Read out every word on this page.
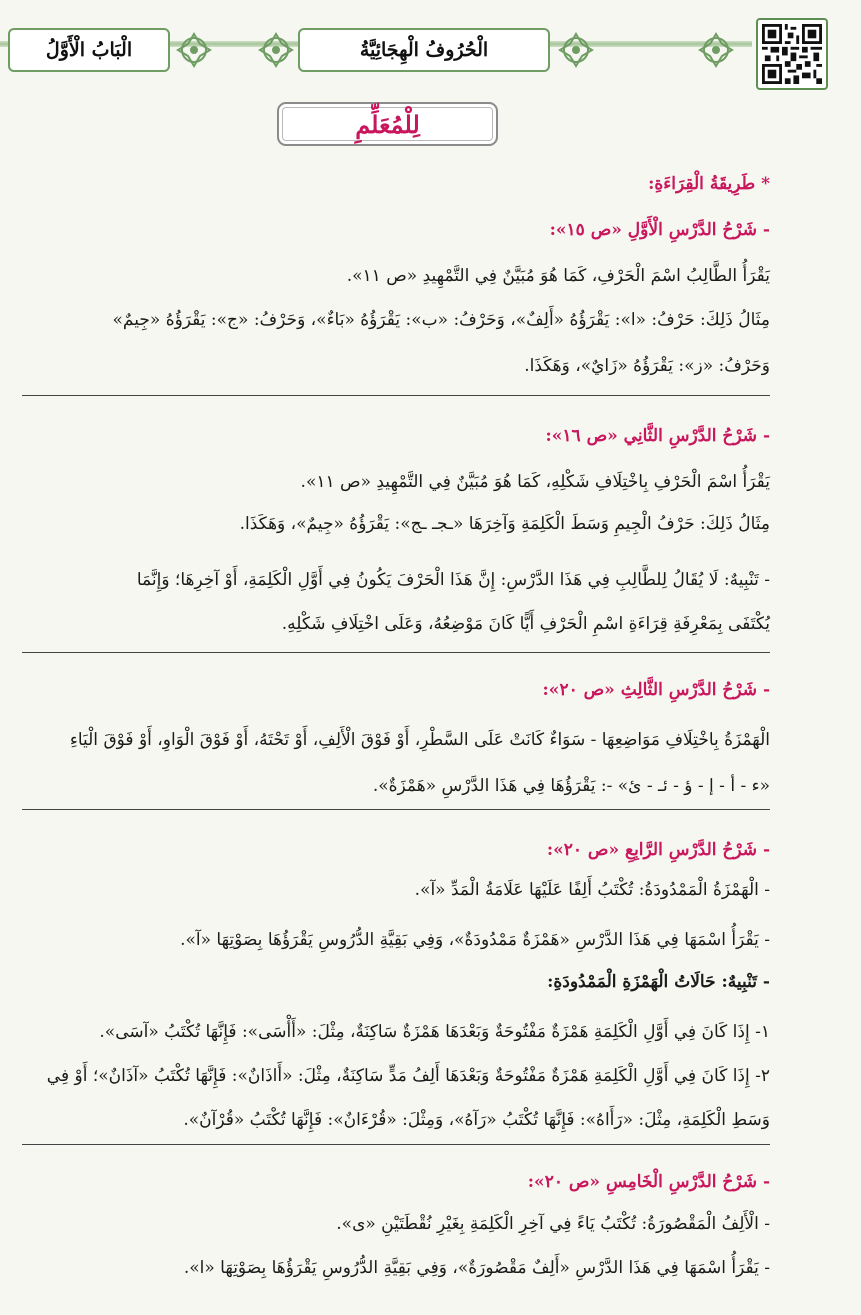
الْبَابُ الْأَوَّلُ	الْحُرُوفُ الْهِجَائِيَّةُ
لِلْمُعَلِّمِ
* طَرِيقَةُ الْقِرَاءَةِ:
- شَرْحُ الدَّرْسِ الْأَوَّلِ «ص ١٥»:
يَقْرَأُ الطَّالِبُ اسْمَ الْحَرْفِ، كَمَا هُوَ مُبَيَّنٌ فِي التَّمْهِيدِ «ص ١١».
مِثَالُ ذَلِكَ: حَرْفُ: «ا»: يَقْرَؤُهُ «أَلِفٌ»، وَحَرْفُ: «ب»: يَقْرَؤُهُ «بَاءٌ»، وَحَرْفُ: «ج»: يَقْرَؤُهُ «جِيمٌ»
وَحَرْفُ: «ز»: يَقْرَؤُهُ «زَايٌ»، وَهَكَذَا.
- شَرْحُ الدَّرْسِ الثَّانِي «ص ١٦»:
يَقْرَأُ اسْمَ الْحَرْفِ بِاخْتِلَافِ شَكْلِهِ، كَمَا هُوَ مُبَيَّنٌ فِي التَّمْهِيدِ «ص ١١».
مِثَالُ ذَلِكَ: حَرْفُ الْجِيمِ وَسَطَ الْكَلِمَةِ وَآخِرَهَا «ـجـ ـج»: يَقْرَؤُهُ «جِيمٌ»، وَهَكَذَا.
- تَنْبِيهٌ: لَا يُقَالُ لِلطَّالِبِ فِي هَذَا الدَّرْسِ: إِنَّ هَذَا الْحَرْفَ يَكُونُ فِي أَوَّلِ الْكَلِمَةِ، أَوْ آخِرِهَا؛ وَإِنَّمَا
يُكْتَفَى بِمَعْرِفَةِ قِرَاءَةِ اسْمِ الْحَرْفِ أَيًّا كَانَ مَوْضِعُهُ، وَعَلَى اخْتِلَافِ شَكْلِهِ.
- شَرْحُ الدَّرْسِ الثَّالِثِ «ص ٢٠»:
الْهَمْزَةُ بِاخْتِلَافِ مَوَاضِعِهَا - سَوَاءٌ كَانَتْ عَلَى السَّطْرِ، أَوْ فَوْقَ الْأَلِفِ، أَوْ تَحْتَهُ، أَوْ فَوْقَ الْوَاوِ، أَوْ فَوْقَ الْيَاءِ
«ء - أ - إ - ؤ - ئـ - ئ» -: يَقْرَؤُهَا فِي هَذَا الدَّرْسِ «هَمْزَةٌ».
- شَرْحُ الدَّرْسِ الرَّابِعِ «ص ٢٠»:
- الْهَمْزَةُ الْمَمْدُودَةُ: تُكْتَبُ أَلِفًا عَلَيْهَا عَلَامَةُ الْمَدِّ «آ».
- يَقْرَأُ اسْمَهَا فِي هَذَا الدَّرْسِ «هَمْزَةٌ مَمْدُودَةٌ»، وَفِي بَقِيَّةِ الدُّرُوسِ يَقْرَؤُهَا بِصَوْتِهَا «آ».
- تَنْبِيهٌ: حَالَاتُ الْهَمْزَةِ الْمَمْدُودَةِ:
١- إِذَا كَانَ فِي أَوَّلِ الْكَلِمَةِ هَمْزَةٌ مَفْتُوحَةٌ وَبَعْدَهَا هَمْزَةٌ سَاكِنَةٌ، مِثْلَ: «أَأْسَى»: فَإِنَّهَا تُكْتَبُ «آسَى».
٢- إِذَا كَانَ فِي أَوَّلِ الْكَلِمَةِ هَمْزَةٌ مَفْتُوحَةٌ وَبَعْدَهَا أَلِفُ مَدٍّ سَاكِنَةٌ، مِثْلَ: «أَاذَانٌ»: فَإِنَّهَا تُكْتَبُ «آذَانٌ»؛ أَوْ فِي
وَسَطِ الْكَلِمَةِ، مِثْلَ: «رَأَاهُ»: فَإِنَّهَا تُكْتَبُ «رَآهُ»، وَمِثْلَ: «قُرْءَانٌ»: فَإِنَّهَا تُكْتَبُ «قُرْآنٌ».
- شَرْحُ الدَّرْسِ الْخَامِسِ «ص ٢٠»:
- الْأَلِفُ الْمَقْصُورَةُ: تُكْتَبُ يَاءً فِي آخِرِ الْكَلِمَةِ بِغَيْرِ نُقْطَتَيْنِ «ى».
- يَقْرَأُ اسْمَهَا فِي هَذَا الدَّرْسِ «أَلِفٌ مَقْصُورَةٌ»، وَفِي بَقِيَّةِ الدُّرُوسِ يَقْرَؤُهَا بِصَوْتِهَا «ا».
